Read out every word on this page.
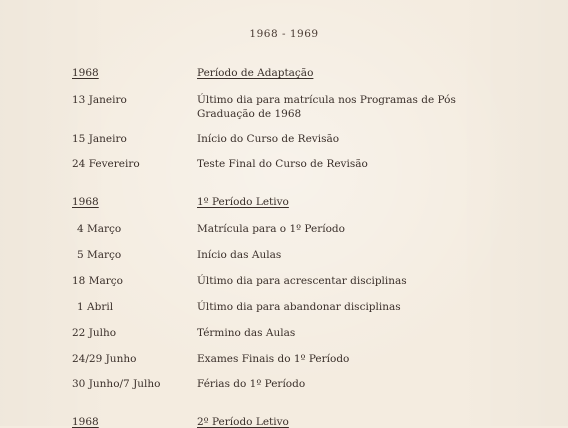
1968 - 1969
1968	Período de Adaptação
13 Janeiro	Último dia para matrícula nos Programas de Pós Graduação de 1968
15 Janeiro	Início do Curso de Revisão
24 Fevereiro	Teste Final do Curso de Revisão
1968	1º Período Letivo
4 Março	Matrícula para o 1º Período
5 Março	Início das Aulas
18 Março	Último dia para acrescentar disciplinas
1 Abril	Último dia para abandonar disciplinas
22 Julho	Término das Aulas
24/29 Junho	Exames Finais do 1º Período
30 Junho/7 Julho	Férias do 1º Período
1968	2º Período Letivo
